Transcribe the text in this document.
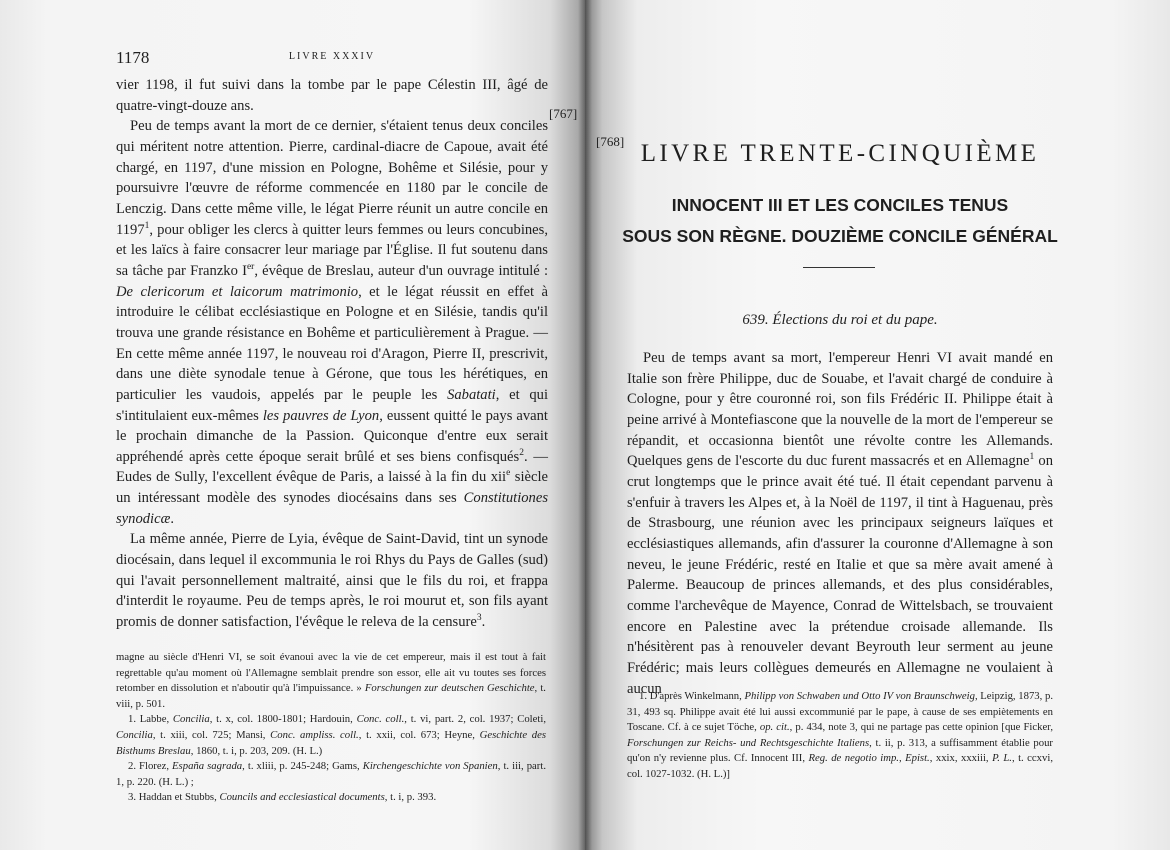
1178	LIVRE XXXIV
[767]

vier 1198, il fut suivi dans la tombe par le pape Célestin III, âgé de quatre-vingt-douze ans.

Peu de temps avant la mort de ce dernier, s'étaient tenus deux conciles qui méritent notre attention. Pierre, cardinal-diacre de Capoue, avait été chargé, en 1197, d'une mission en Pologne, Bohême et Silésie, pour y poursuivre l'œuvre de réforme commencée en 1180 par le concile de Lenczig. Dans cette même ville, le légat Pierre réunit un autre concile en 1197$^1$, pour obliger les clercs à quitter leurs femmes ou leurs concubines, et les laïcs à faire consacrer leur mariage par l'Église. Il fut soutenu dans sa tâche par Franzko Ier, évêque de Breslau, auteur d'un ouvrage intitulé : De clericorum et laicorum matrimonio, et le légat réussit en effet à introduire le célibat ecclésiastique en Pologne et en Silésie, tandis qu'il trouva une grande résistance en Bohême et particulièrement à Prague. — En cette même année 1197, le nouveau roi d'Aragon, Pierre II, prescrivit, dans une diète synodale tenue à Gérone, que tous les hérétiques, en particulier les vaudois, appelés par le peuple les Sabatati, et qui s'intitulaient eux-mêmes les pauvres de Lyon, eussent quitté le pays avant le prochain dimanche de la Passion. Quiconque d'entre eux serait appréhendé après cette époque serait brûlé et ses biens confisqués$^2$. — Eudes de Sully, l'excellent évêque de Paris, a laissé à la fin du xii$^e$ siècle un intéressant modèle des synodes diocésains dans ses Constitutiones synodicæ.

La même année, Pierre de Lyia, évêque de Saint-David, tint un synode diocésain, dans lequel il excommunia le roi Rhys du Pays de Galles (sud) qui l'avait personnellement maltraité, ainsi que le fils du roi, et frappa d'interdit le royaume. Peu de temps après, le roi mourut et, son fils ayant promis de donner satisfaction, l'évêque le releva de la censure$^3$.

magne au siècle d'Henri VI, se soit évanoui avec la vie de cet empereur, mais il est tout à fait regrettable qu'au moment où l'Allemagne semblait prendre son essor, elle ait vu toutes ses forces retomber en dissolution et n'aboutir qu'à l'impuissance. » Forschungen zur deutschen Geschichte, t. viii, p. 501.

1. Labbe, Concilia, t. x, col. 1800-1801; Hardouin, Conc. coll., t. vi, part. 2, col. 1937; Coleti, Concilia, t. xiii, col. 725; Mansi, Conc. ampliss. coll., t. xxii, col. 673; Heyne, Geschichte des Bisthums Breslau, 1860, t. i, p. 203, 209. (H. L.)

2. Florez, España sagrada, t. xliii, p. 245-248; Gams, Kirchengeschichte von Spanien, t. iii, part. 1, p. 220. (H. L.) ;

3. Haddan et Stubbs, Councils and ecclesiastical documents, t. i, p. 393.

[768] LIVRE TRENTE-CINQUIÈME
INNOCENT III ET LES CONCILES TENUS
SOUS SON RÈGNE. DOUZIÈME CONCILE GÉNÉRAL
639. Élections du roi et du pape.

Peu de temps avant sa mort, l'empereur Henri VI avait mandé en Italie son frère Philippe, duc de Souabe, et l'avait chargé de conduire à Cologne, pour y être couronné roi, son fils Frédéric II. Philippe était à peine arrivé à Montefiascone que la nouvelle de la mort de l'empereur se répandit, et occasionna bientôt une révolte contre les Allemands. Quelques gens de l'escorte du duc furent massacrés et en Allemagne$^1$ on crut longtemps que le prince avait été tué. Il était cependant parvenu à s'enfuir à travers les Alpes et, à la Noël de 1197, il tint à Haguenau, près de Strasbourg, une réunion avec les principaux seigneurs laïques et ecclésiastiques allemands, afin d'assurer la couronne d'Allemagne à son neveu, le jeune Frédéric, resté en Italie et que sa mère avait amené à Palerme. Beaucoup de princes allemands, et des plus considérables, comme l'archevêque de Mayence, Conrad de Wittelsbach, se trouvaient encore en Palestine avec la prétendue croisade allemande. Ils n'hésitèrent pas à renouveler devant Beyrouth leur serment au jeune Frédéric; mais leurs collègues demeurés en Allemagne ne voulaient à aucun

1. D'après Winkelmann, Philipp von Schwaben und Otto IV von Braunschweig, Leipzig, 1873, p. 31, 493 sq. Philippe avait été lui aussi excommunié par le pape, à cause de ses empiètements en Toscane. Cf. à ce sujet Töche, op. cit., p. 434, note 3, qui ne partage pas cette opinion [que Ficker, Forschungen zur Reichs- und Rechtsgeschichte Italiens, t. ii, p. 313, a suffisamment établie pour qu'on n'y revienne plus. Cf. Innocent III, Reg. de negotio imp., Epist., xxix, xxxiii, P. L., t. ccxvi, col. 1027-1032. (H. L.)]
